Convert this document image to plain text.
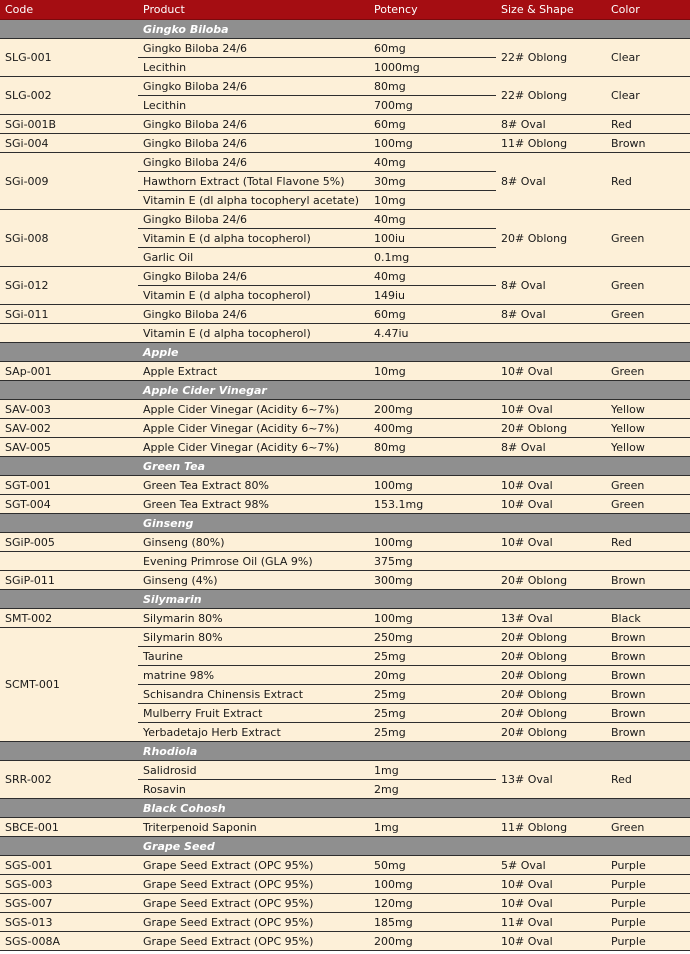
Code	Product	Potency	Size & Shape	Color
	Gingko Biloba			
SLG-001	Gingko Biloba 24/6	60mg	22# Oblong	Clear
	Lecithin	1000mg		
SLG-002	Gingko Biloba 24/6	80mg	22# Oblong	Clear
	Lecithin	700mg		
SGi-001B	Gingko Biloba 24/6	60mg	8# Oval	Red
SGi-004	Gingko Biloba 24/6	100mg	11# Oblong	Brown
SGi-009	Gingko Biloba 24/6	40mg	8# Oval	Red
	Hawthorn Extract (Total Flavone 5%)	30mg		
	Vitamin E (dl alpha tocopheryl acetate)	10mg		
SGi-008	Gingko Biloba 24/6	40mg	20# Oblong	Green
	Vitamin E (d alpha tocopherol)	100iu		
	Garlic Oil	0.1mg		
SGi-012	Gingko Biloba 24/6	40mg	8# Oval	Green
	Vitamin E (d alpha tocopherol)	149iu		
SGi-011	Gingko Biloba 24/6	60mg	8# Oval	Green
	Vitamin E (d alpha tocopherol)	4.47iu		
	Apple			
SAp-001	Apple Extract	10mg	10# Oval	Green
	Apple Cider Vinegar			
SAV-003	Apple Cider Vinegar (Acidity 6~7%)	200mg	10# Oval	Yellow
SAV-002	Apple Cider Vinegar (Acidity 6~7%)	400mg	20# Oblong	Yellow
SAV-005	Apple Cider Vinegar (Acidity 6~7%)	80mg	8# Oval	Yellow
	Green Tea			
SGT-001	Green Tea Extract 80%	100mg	10# Oval	Green
SGT-004	Green Tea Extract 98%	153.1mg	10# Oval	Green
	Ginseng			
SGiP-005	Ginseng (80%)	100mg	10# Oval	Red
	Evening Primrose Oil (GLA 9%)	375mg		
SGiP-011	Ginseng (4%)	300mg	20# Oblong	Brown
	Silymarin			
SMT-002	Silymarin 80%	100mg	13# Oval	Black
SCMT-001	Silymarin 80%	250mg	20# Oblong	Brown
	Taurine	25mg	20# Oblong	Brown
	matrine 98%	20mg	20# Oblong	Brown
	Schisandra Chinensis Extract	25mg	20# Oblong	Brown
	Mulberry Fruit Extract	25mg	20# Oblong	Brown
	Yerbadetajo Herb Extract	25mg	20# Oblong	Brown
	Rhodiola			
SRR-002	Salidrosid	1mg	13# Oval	Red
	Rosavin	2mg		
	Black Cohosh			
SBCE-001	Triterpenoid Saponin	1mg	11# Oblong	Green
	Grape Seed			
SGS-001	Grape Seed Extract (OPC 95%)	50mg	5# Oval	Purple
SGS-003	Grape Seed Extract (OPC 95%)	100mg	10# Oval	Purple
SGS-007	Grape Seed Extract (OPC 95%)	120mg	10# Oval	Purple
SGS-013	Grape Seed Extract (OPC 95%)	185mg	11# Oval	Purple
SGS-008A	Grape Seed Extract (OPC 95%)	200mg	10# Oval	Purple
